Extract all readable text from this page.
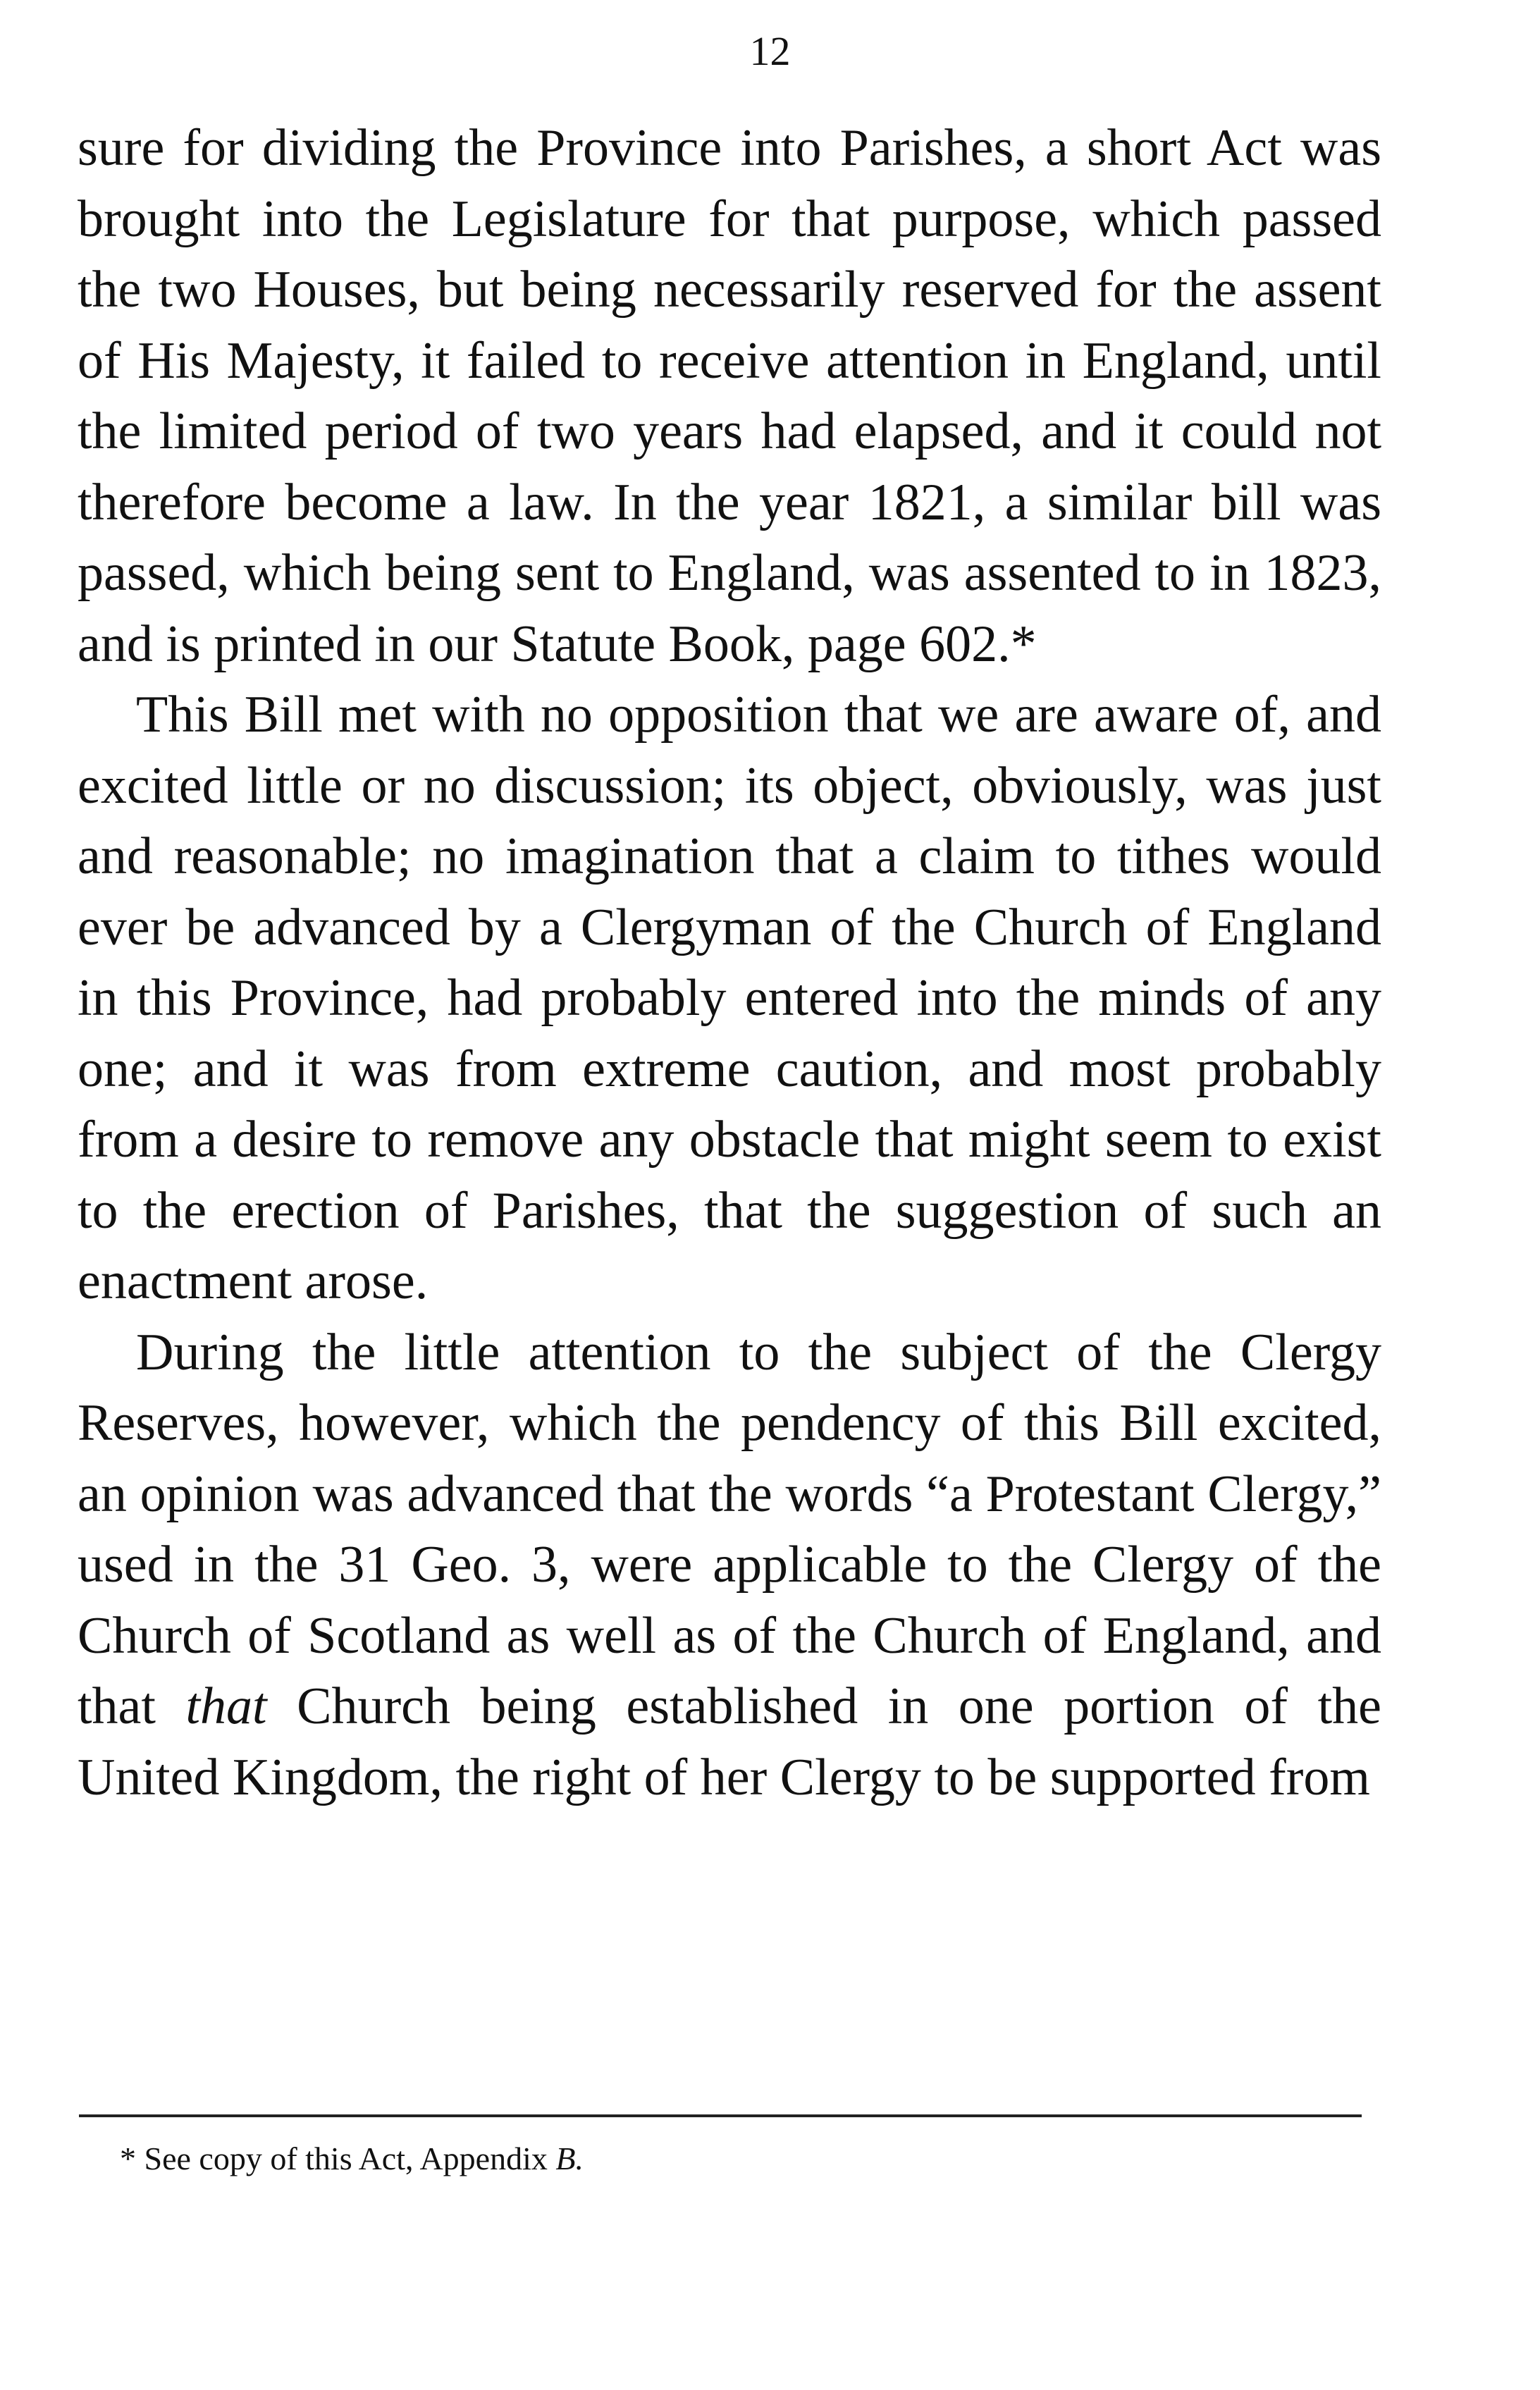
12

sure for dividing the Province into Parishes, a short Act was brought into the Legislature for that purpose, which passed the two Houses, but being necessarily reserved for the assent of His Majesty, it failed to receive attention in England, until the limited period of two years had elapsed, and it could not therefore become a law. In the year 1821, a similar bill was passed, which being sent to England, was assented to in 1823, and is printed in our Statute Book, page 602.*

This Bill met with no opposition that we are aware of, and excited little or no discussion; its object, obviously, was just and reasonable; no imagination that a claim to tithes would ever be advanced by a Clergyman of the Church of England in this Province, had probably entered into the minds of any one; and it was from extreme caution, and most probably from a desire to remove any obstacle that might seem to exist to the erection of Parishes, that the suggestion of such an enactment arose.

During the little attention to the subject of the Clergy Reserves, however, which the pendency of this Bill excited, an opinion was advanced that the words “a Protestant Clergy,” used in the 31 Geo. 3, were applicable to the Clergy of the Church of Scotland as well as of the Church of England, and that that Church being established in one portion of the United Kingdom, the right of her Clergy to be supported from

* See copy of this Act, Appendix B.
